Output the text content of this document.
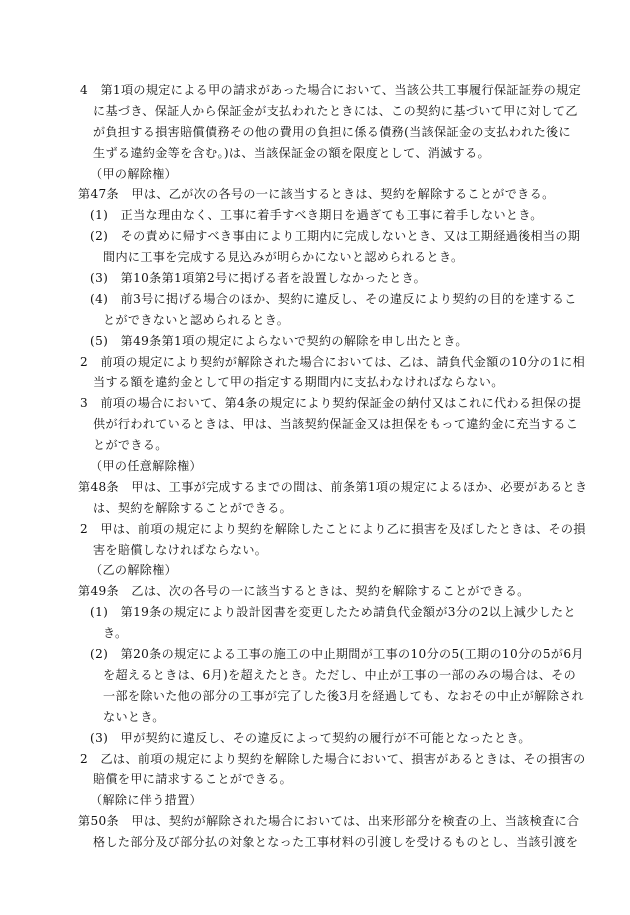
4　第1項の規定による甲の請求があった場合において、当該公共工事履行保証証券の規定
に基づき、保証人から保証金が支払われたときには、この契約に基づいて甲に対して乙
が負担する損害賠償債務その他の費用の負担に係る債務(当該保証金の支払われた後に
生ずる違約金等を含む。)は、当該保証金の額を限度として、消滅する。
（甲の解除権）
第47条　甲は、乙が次の各号の一に該当するときは、契約を解除することができる。
(1)　正当な理由なく、工事に着手すべき期日を過ぎても工事に着手しないとき。
(2)　その責めに帰すべき事由により工期内に完成しないとき、又は工期経過後相当の期
間内に工事を完成する見込みが明らかにないと認められるとき。
(3)　第10条第1項第2号に掲げる者を設置しなかったとき。
(4)　前3号に掲げる場合のほか、契約に違反し、その違反により契約の目的を達するこ
とができないと認められるとき。
(5)　第49条第1項の規定によらないで契約の解除を申し出たとき。
2　前項の規定により契約が解除された場合においては、乙は、請負代金額の10分の1に相
当する額を違約金として甲の指定する期間内に支払わなければならない。
3　前項の場合において、第4条の規定により契約保証金の納付又はこれに代わる担保の提
供が行われているときは、甲は、当該契約保証金又は担保をもって違約金に充当するこ
とができる。
（甲の任意解除権）
第48条　甲は、工事が完成するまでの間は、前条第1項の規定によるほか、必要があるとき
は、契約を解除することができる。
2　甲は、前項の規定により契約を解除したことにより乙に損害を及ぼしたときは、その損
害を賠償しなければならない。
（乙の解除権）
第49条　乙は、次の各号の一に該当するときは、契約を解除することができる。
(1)　第19条の規定により設計図書を変更したため請負代金額が3分の2以上減少したと
き。
(2)　第20条の規定による工事の施工の中止期間が工事の10分の5(工期の10分の5が6月
を超えるときは、6月)を超えたとき。ただし、中止が工事の一部のみの場合は、その
一部を除いた他の部分の工事が完了した後3月を経過しても、なおその中止が解除され
ないとき。
(3)　甲が契約に違反し、その違反によって契約の履行が不可能となったとき。
2　乙は、前項の規定により契約を解除した場合において、損害があるときは、その損害の
賠償を甲に請求することができる。
（解除に伴う措置）
第50条　甲は、契約が解除された場合においては、出来形部分を検査の上、当該検査に合
格した部分及び部分払の対象となった工事材料の引渡しを受けるものとし、当該引渡を
